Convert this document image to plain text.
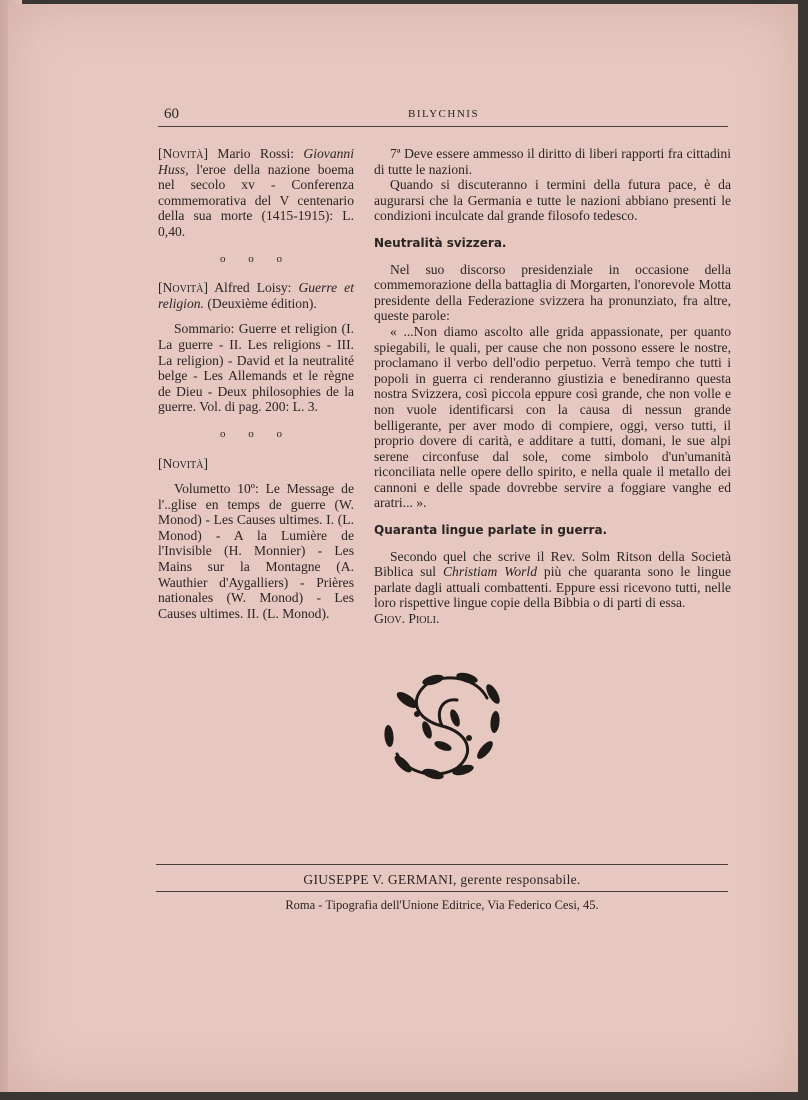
60	BILYCHNIS

[Novità] Mario Rossi: Giovanni Huss, l'eroe della nazione boema nel secolo xv - Conferenza commemorativa del V centenario della sua morte (1415-1915): L. 0,40.

o o o

[Novità] Alfred Loisy: Guerre et religion. (Deuxième édition).

Sommario: Guerre et religion (I. La guerre - II. Les religions - III. La religion) - David et la neutralité belge - Les Allemands et le règne de Dieu - Deux philosophies de la guerre. Vol. di pag. 200: L. 3.

o o o

[Novità]

Volumetto 10º: Le Message de l'..glise en temps de guerre (W. Monod) - Les Causes ultimes. I. (L. Monod) - A la Lumière de l'Invisible (H. Monnier) - Les Mains sur la Montagne (A. Wauthier d'Aygalliers) - Prières nationales (W. Monod) - Les Causes ultimes. II. (L. Monod).

7ª Deve essere ammesso il diritto di liberi rapporti fra cittadini di tutte le nazioni.

Quando si discuteranno i termini della futura pace, è da augurarsi che la Germania e tutte le nazioni abbiano presenti le condizioni inculcate dal grande filosofo tedesco.

Neutralità svizzera.

Nel suo discorso presidenziale in occasione della commemorazione della battaglia di Morgarten, l'onorevole Motta presidente della Federazione svizzera ha pronunziato, fra altre, queste parole:

« ...Non diamo ascolto alle grida appassionate, per quanto spiegabili, le quali, per cause che non possono essere le nostre, proclamano il verbo dell'odio perpetuo. Verrà tempo che tutti i popoli in guerra ci renderanno giustizia e benediranno questa nostra Svizzera, così piccola eppure così grande, che non volle e non vuole identificarsi con la causa di nessun grande belligerante, per aver modo di compiere, oggi, verso tutti, il proprio dovere di carità, e additare a tutti, domani, le sue alpi serene circonfuse dal sole, come simbolo d'un'umanità riconciliata nelle opere dello spirito, e nella quale il metallo dei cannoni e delle spade dovrebbe servire a foggiare vanghe ed aratri... ».

Quaranta lingue parlate in guerra.

Secondo quel che scrive il Rev. Solm Ritson della Società Biblica sul Christiam World più che quaranta sono le lingue parlate dagli attuali combattenti. Eppure essi ricevono tutti, nelle loro rispettive lingue copie della Bibbia o di parti di essa.

Giov. Pioli.

GIUSEPPE V. GERMANI, gerente responsabile.
Roma - Tipografia dell'Unione Editrice, Via Federico Cesi, 45.
